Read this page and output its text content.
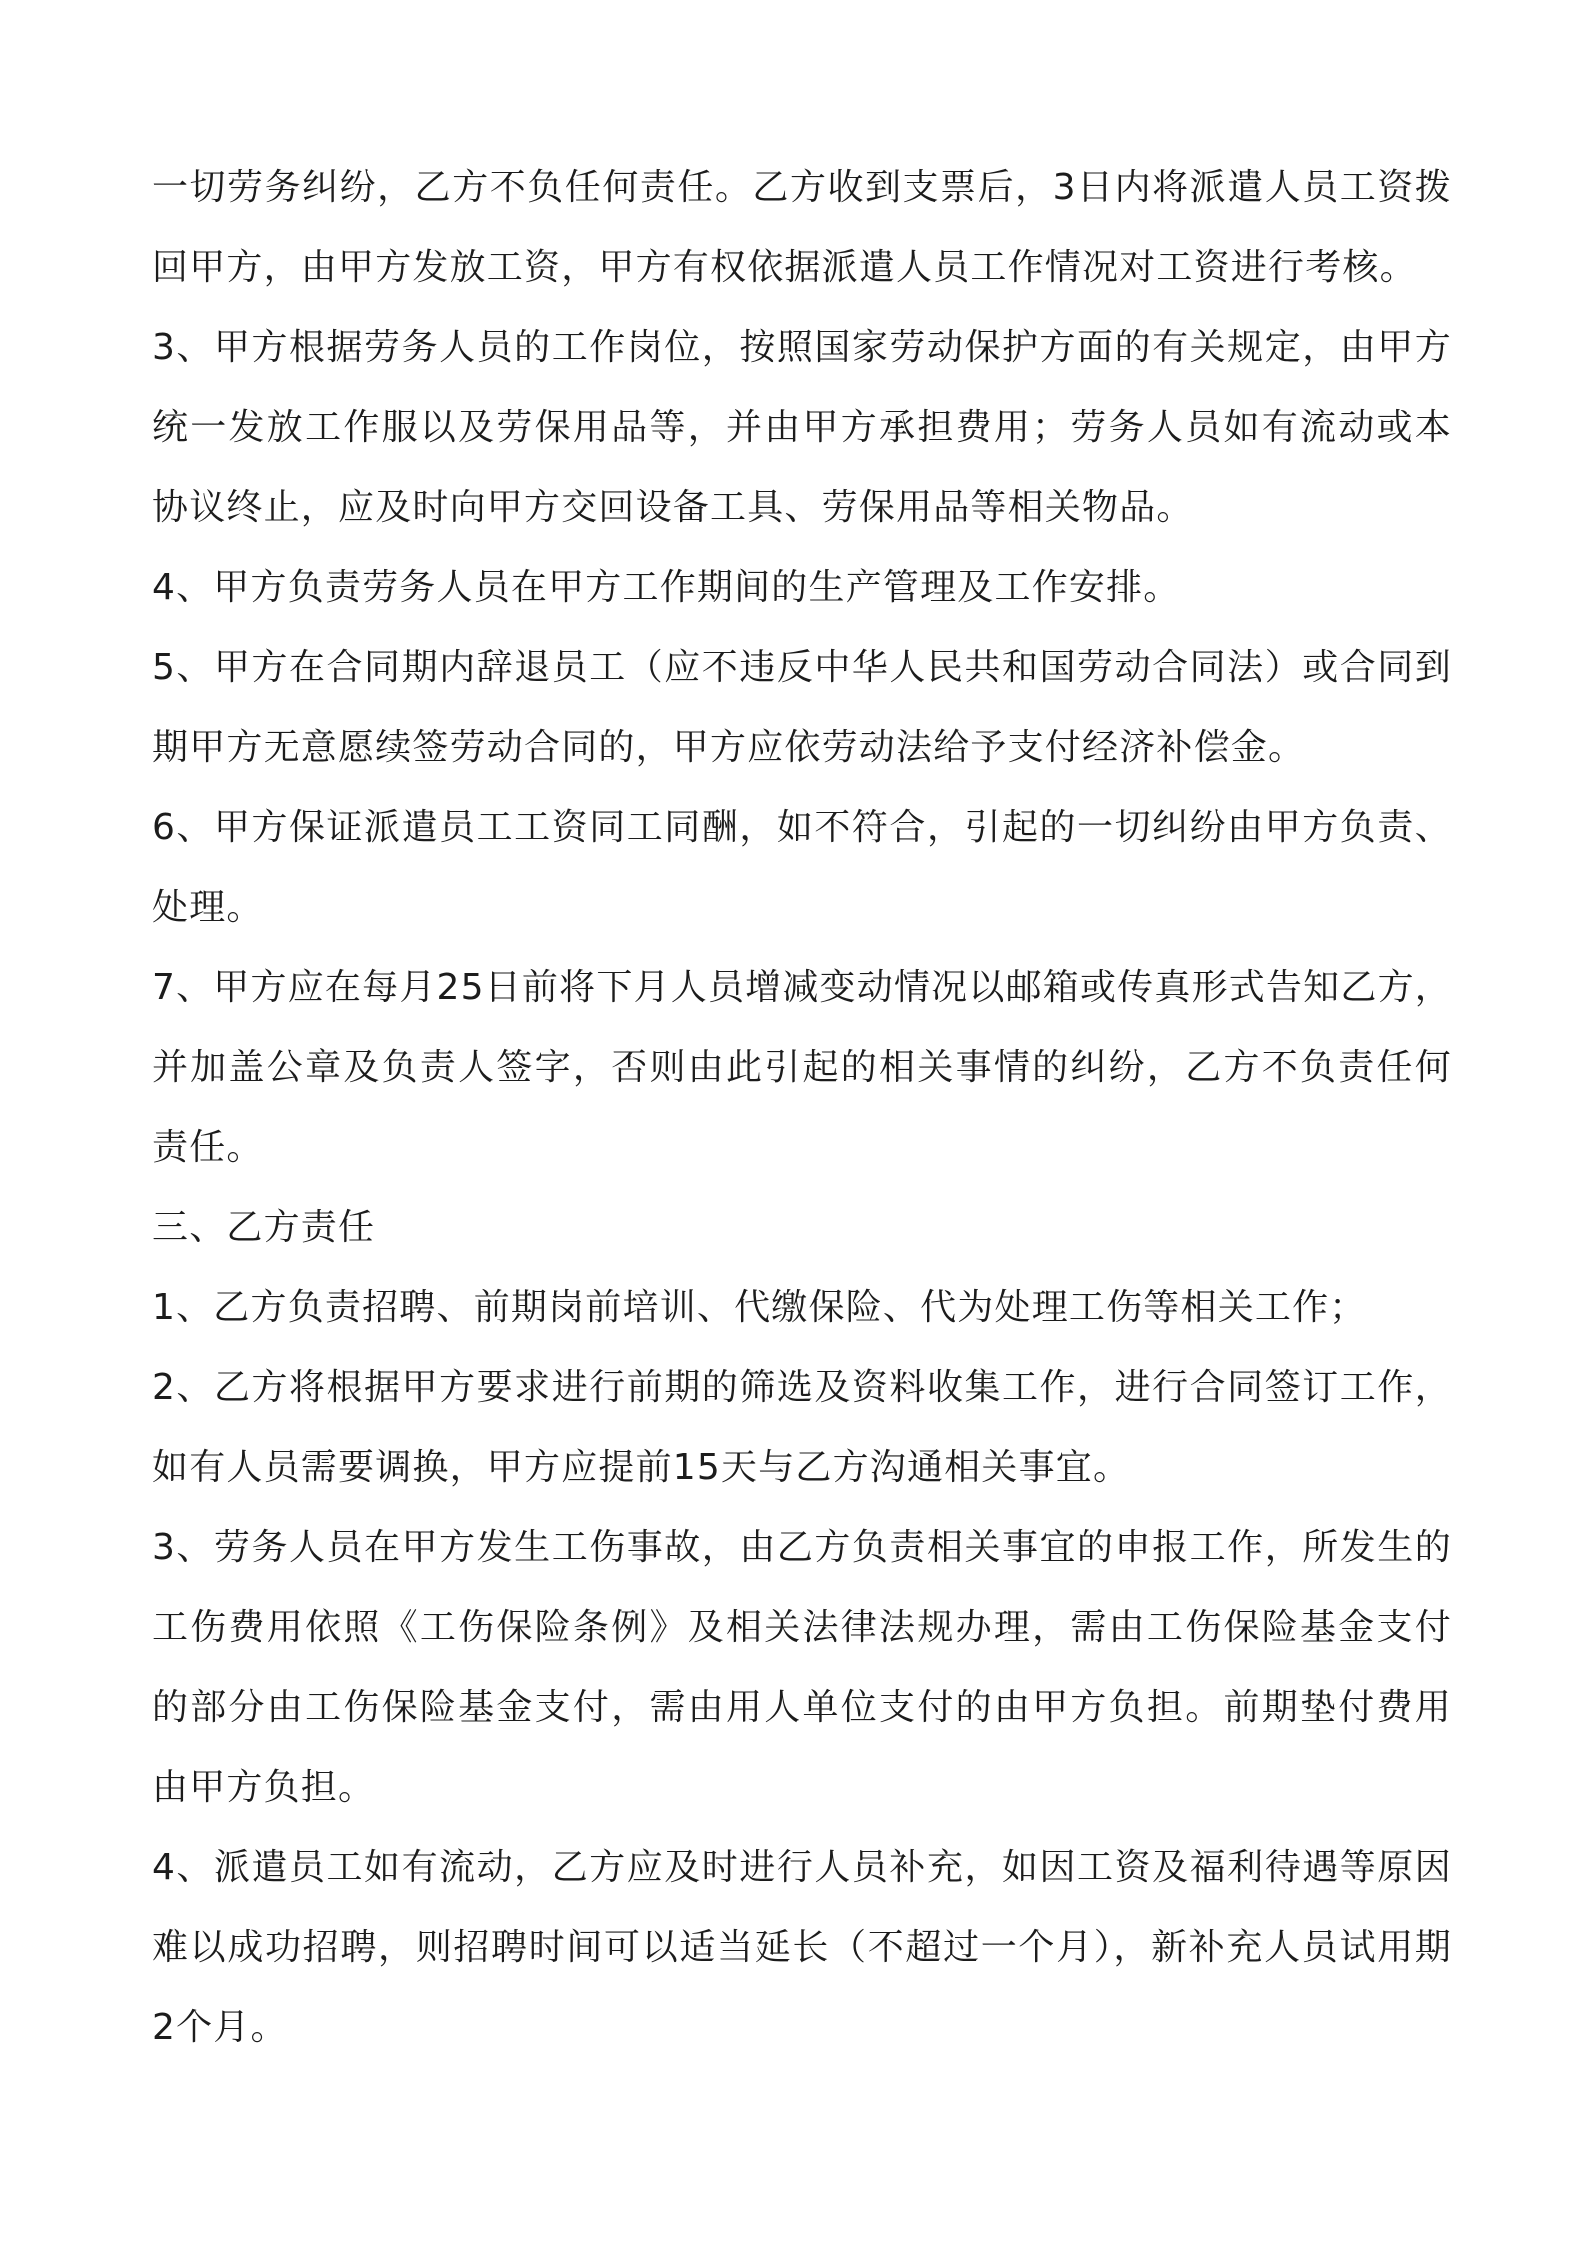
一切劳务纠纷，乙方不负任何责任。乙方收到支票后，3日内将派遣人员工资拨回甲方，由甲方发放工资，甲方有权依据派遣人员工作情况对工资进行考核。

3、甲方根据劳务人员的工作岗位，按照国家劳动保护方面的有关规定，由甲方统一发放工作服以及劳保用品等，并由甲方承担费用；劳务人员如有流动或本协议终止，应及时向甲方交回设备工具、劳保用品等相关物品。

4、甲方负责劳务人员在甲方工作期间的生产管理及工作安排。

5、甲方在合同期内辞退员工（应不违反中华人民共和国劳动合同法）或合同到期甲方无意愿续签劳动合同的，甲方应依劳动法给予支付经济补偿金。

6、甲方保证派遣员工工资同工同酬，如不符合，引起的一切纠纷由甲方负责、处理。

7、甲方应在每月25日前将下月人员增减变动情况以邮箱或传真形式告知乙方，并加盖公章及负责人签字，否则由此引起的相关事情的纠纷，乙方不负责任何责任。

三、乙方责任

1、乙方负责招聘、前期岗前培训、代缴保险、代为处理工伤等相关工作；

2、乙方将根据甲方要求进行前期的筛选及资料收集工作，进行合同签订工作，如有人员需要调换，甲方应提前15天与乙方沟通相关事宜。

3、劳务人员在甲方发生工伤事故，由乙方负责相关事宜的申报工作，所发生的工伤费用依照《工伤保险条例》及相关法律法规办理，需由工伤保险基金支付的部分由工伤保险基金支付，需由用人单位支付的由甲方负担。前期垫付费用由甲方负担。

4、派遣员工如有流动，乙方应及时进行人员补充，如因工资及福利待遇等原因难以成功招聘，则招聘时间可以适当延长（不超过一个月），新补充人员试用期2个月。
